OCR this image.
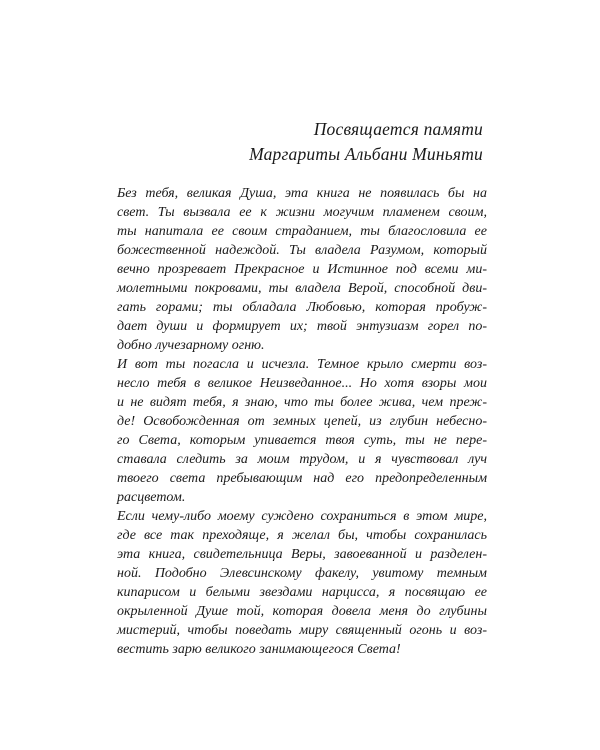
Посвящается памяти
Маргариты Альбани Миньяти
Без тебя, великая Душа, эта книга не появилась бы на
свет. Ты вызвала ее к жизни могучим пламенем своим,
ты напитала ее своим страданием, ты благословила ее
божественной надеждой. Ты владела Разумом, который
вечно прозревает Прекрасное и Истинное под всеми ми-
молетными покровами, ты владела Верой, способной дви-
гать горами; ты обладала Любовью, которая пробуж-
дает души и формирует их; твой энтузиазм горел по-
добно лучезарному огню.
И вот ты погасла и исчезла. Темное крыло смерти воз-
несло тебя в великое Неизведанное... Но хотя взоры мои
и не видят тебя, я знаю, что ты более жива, чем преж-
де! Освобожденная от земных цепей, из глубин небесно-
го Света, которым упивается твоя суть, ты не пере-
ставала следить за моим трудом, и я чувствовал луч
твоего света пребывающим над его предопределенным
расцветом.
Если чему-либо моему суждено сохраниться в этом мире,
где все так преходяще, я желал бы, чтобы сохранилась
эта книга, свидетельница Веры, завоеванной и разделен-
ной. Подобно Элевсинскому факелу, увитому темным
кипарисом и белыми звездами нарцисса, я посвящаю ее
окрыленной Душе той, которая довела меня до глубины
мистерий, чтобы поведать миру священный огонь и воз-
вестить зарю великого занимающегося Света!
